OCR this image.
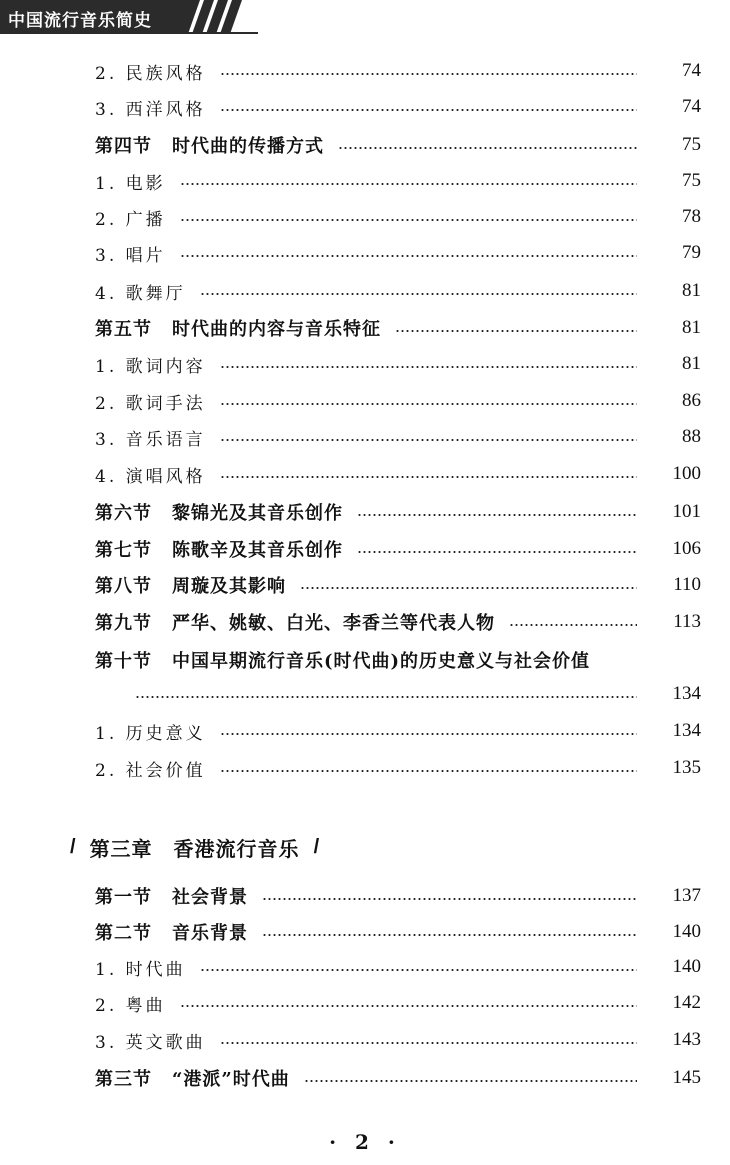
中国流行音乐简史
2. 民族风格	74
3. 西洋风格	74
第四节 时代曲的传播方式	75
1. 电影	75
2. 广播	78
3. 唱片	79
4. 歌舞厅	81
第五节 时代曲的内容与音乐特征	81
1. 歌词内容	81
2. 歌词手法	86
3. 音乐语言	88
4. 演唱风格	100
第六节 黎锦光及其音乐创作	101
第七节 陈歌辛及其音乐创作	106
第八节 周璇及其影响	110
第九节 严华、姚敏、白光、李香兰等代表人物	113
第十节 中国早期流行音乐(时代曲)的历史意义与社会价值
134
1. 历史意义	134
2. 社会价值	135
/ 第三章　香港流行音乐 /
第一节 社会背景	137
第二节 音乐背景	140
1. 时代曲	140
2. 粤曲	142
3. 英文歌曲	143
第三节 “港派”时代曲	145
· 2 ·
